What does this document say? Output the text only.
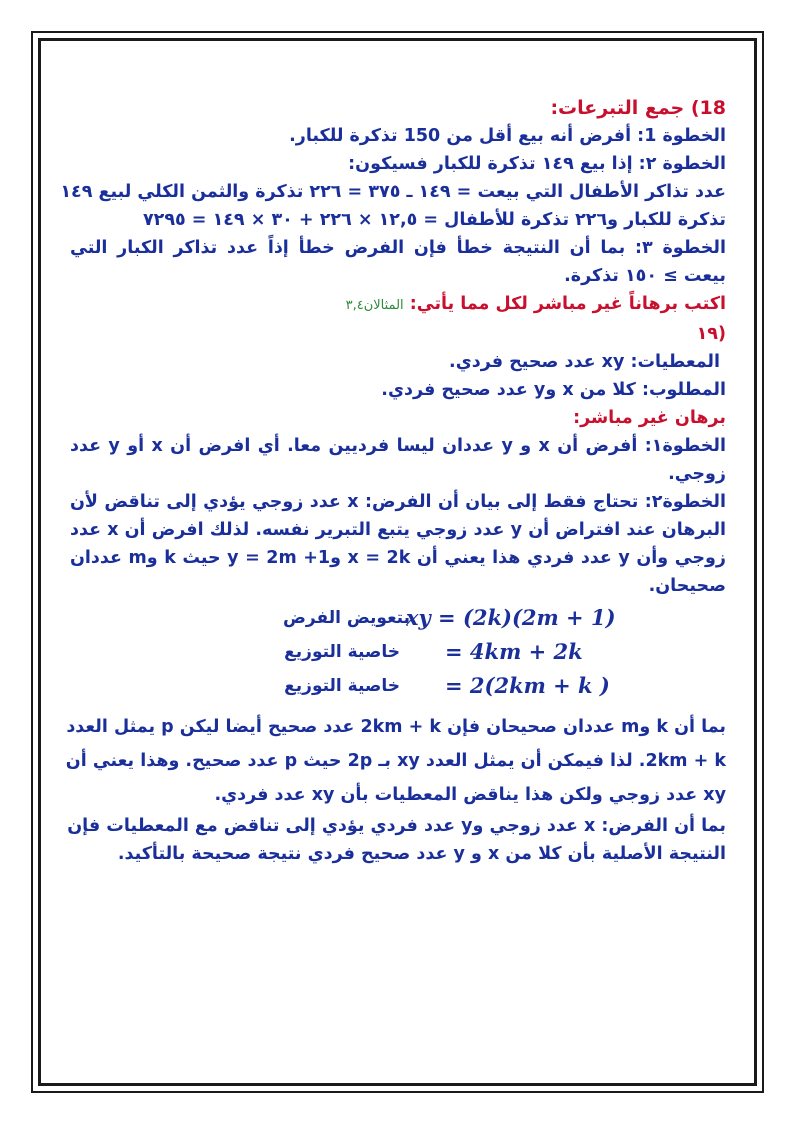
18) جمع التبرعات:
الخطوة 1: أفرض أنه بيع أقل من 150 تذكرة للكبار.
الخطوة ٢: إذا بيع ١٤٩ تذكرة للكبار فسيكون:
عدد تذاكر الأطفال التي بيعت = ١٤٩ ـ ٣٧٥ = ٢٢٦ تذكرة والثمن الكلي لبيع ١٤٩
تذكرة للكبار و٢٢٦ تذكرة للأطفال = ١٢,٥ × ٢٢٦ + ٣٠ × ١٤٩ = ٧٢٩٥
الخطوة ٣: بما أن النتيجة خطأ فإن الفرض خطأ إذاً عدد تذاكر الكبار التي
بيعت ≥ ١٥٠ تذكرة.
اكتب برهاناً غير مباشر لكل مما يأتي: المثالان٣,٤
(١٩
المعطيات: xy عدد صحيح فردي.
المطلوب: كلا من x وy عدد صحيح فردي.
برهان غير مباشر:
الخطوة١: أفرض أن x و y عددان ليسا فرديين معا. أي افرض أن x أو y عدد
زوجي.
الخطوة٢: تحتاج فقط إلى بيان أن الفرض: x عدد زوجي يؤدي إلى تناقض لأن
البرهان عند افتراض أن y عدد زوجي يتبع التبرير نفسه. لذلك افرض أن x عدد
زوجي وأن y عدد فردي هذا يعني أن x = 2k وy = 2m +1 حيث k وm عددان
صحيحان.
بتعويض الفرض
xy = (2k)(2m + 1)
خاصية التوزيع = 4km + 2k
خاصية التوزيع = 2(2km + k )
بما أن k وm عددان صحيحان فإن 2km + k عدد صحيح أيضا ليكن p يمثل العدد
2km + k. لذا فيمكن أن يمثل العدد xy بـ 2p حيث p عدد صحيح. وهذا يعني أن
xy عدد زوجي ولكن هذا يناقض المعطيات بأن xy عدد فردي.
بما أن الفرض: x عدد زوجي وy عدد فردي يؤدي إلى تناقض مع المعطيات فإن
النتيجة الأصلية بأن كلا من x و y عدد صحيح فردي نتيجة صحيحة بالتأكيد.
